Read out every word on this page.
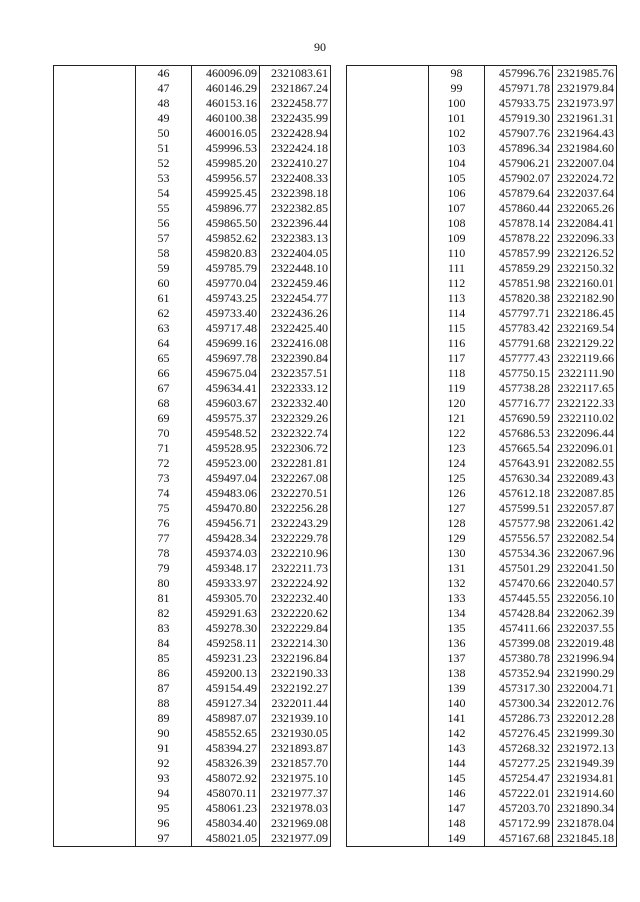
90
	46	460096.09	2321083.61
	47	460146.29	2321867.24
	48	460153.16	2322458.77
	49	460100.38	2322435.99
	50	460016.05	2322428.94
	51	459996.53	2322424.18
	52	459985.20	2322410.27
	53	459956.57	2322408.33
	54	459925.45	2322398.18
	55	459896.77	2322382.85
	56	459865.50	2322396.44
	57	459852.62	2322383.13
	58	459820.83	2322404.05
	59	459785.79	2322448.10
	60	459770.04	2322459.46
	61	459743.25	2322454.77
	62	459733.40	2322436.26
	63	459717.48	2322425.40
	64	459699.16	2322416.08
	65	459697.78	2322390.84
	66	459675.04	2322357.51
	67	459634.41	2322333.12
	68	459603.67	2322332.40
	69	459575.37	2322329.26
	70	459548.52	2322322.74
	71	459528.95	2322306.72
	72	459523.00	2322281.81
	73	459497.04	2322267.08
	74	459483.06	2322270.51
	75	459470.80	2322256.28
	76	459456.71	2322243.29
	77	459428.34	2322229.78
	78	459374.03	2322210.96
	79	459348.17	2322211.73
	80	459333.97	2322224.92
	81	459305.70	2322232.40
	82	459291.63	2322220.62
	83	459278.30	2322229.84
	84	459258.11	2322214.30
	85	459231.23	2322196.84
	86	459200.13	2322190.33
	87	459154.49	2322192.27
	88	459127.34	2322011.44
	89	458987.07	2321939.10
	90	458552.65	2321930.05
	91	458394.27	2321893.87
	92	458326.39	2321857.70
	93	458072.92	2321975.10
	94	458070.11	2321977.37
	95	458061.23	2321978.03
	96	458034.40	2321969.08
	97	458021.05	2321977.09
	98	457996.76	2321985.76
	99	457971.78	2321979.84
	100	457933.75	2321973.97
	101	457919.30	2321961.31
	102	457907.76	2321964.43
	103	457896.34	2321984.60
	104	457906.21	2322007.04
	105	457902.07	2322024.72
	106	457879.64	2322037.64
	107	457860.44	2322065.26
	108	457878.14	2322084.41
	109	457878.22	2322096.33
	110	457857.99	2322126.52
	111	457859.29	2322150.32
	112	457851.98	2322160.01
	113	457820.38	2322182.90
	114	457797.71	2322186.45
	115	457783.42	2322169.54
	116	457791.68	2322129.22
	117	457777.43	2322119.66
	118	457750.15	2322111.90
	119	457738.28	2322117.65
	120	457716.77	2322122.33
	121	457690.59	2322110.02
	122	457686.53	2322096.44
	123	457665.54	2322096.01
	124	457643.91	2322082.55
	125	457630.34	2322089.43
	126	457612.18	2322087.85
	127	457599.51	2322057.87
	128	457577.98	2322061.42
	129	457556.57	2322082.54
	130	457534.36	2322067.96
	131	457501.29	2322041.50
	132	457470.66	2322040.57
	133	457445.55	2322056.10
	134	457428.84	2322062.39
	135	457411.66	2322037.55
	136	457399.08	2322019.48
	137	457380.78	2321996.94
	138	457352.94	2321990.29
	139	457317.30	2322004.71
	140	457300.34	2322012.76
	141	457286.73	2322012.28
	142	457276.45	2321999.30
	143	457268.32	2321972.13
	144	457277.25	2321949.39
	145	457254.47	2321934.81
	146	457222.01	2321914.60
	147	457203.70	2321890.34
	148	457172.99	2321878.04
	149	457167.68	2321845.18
